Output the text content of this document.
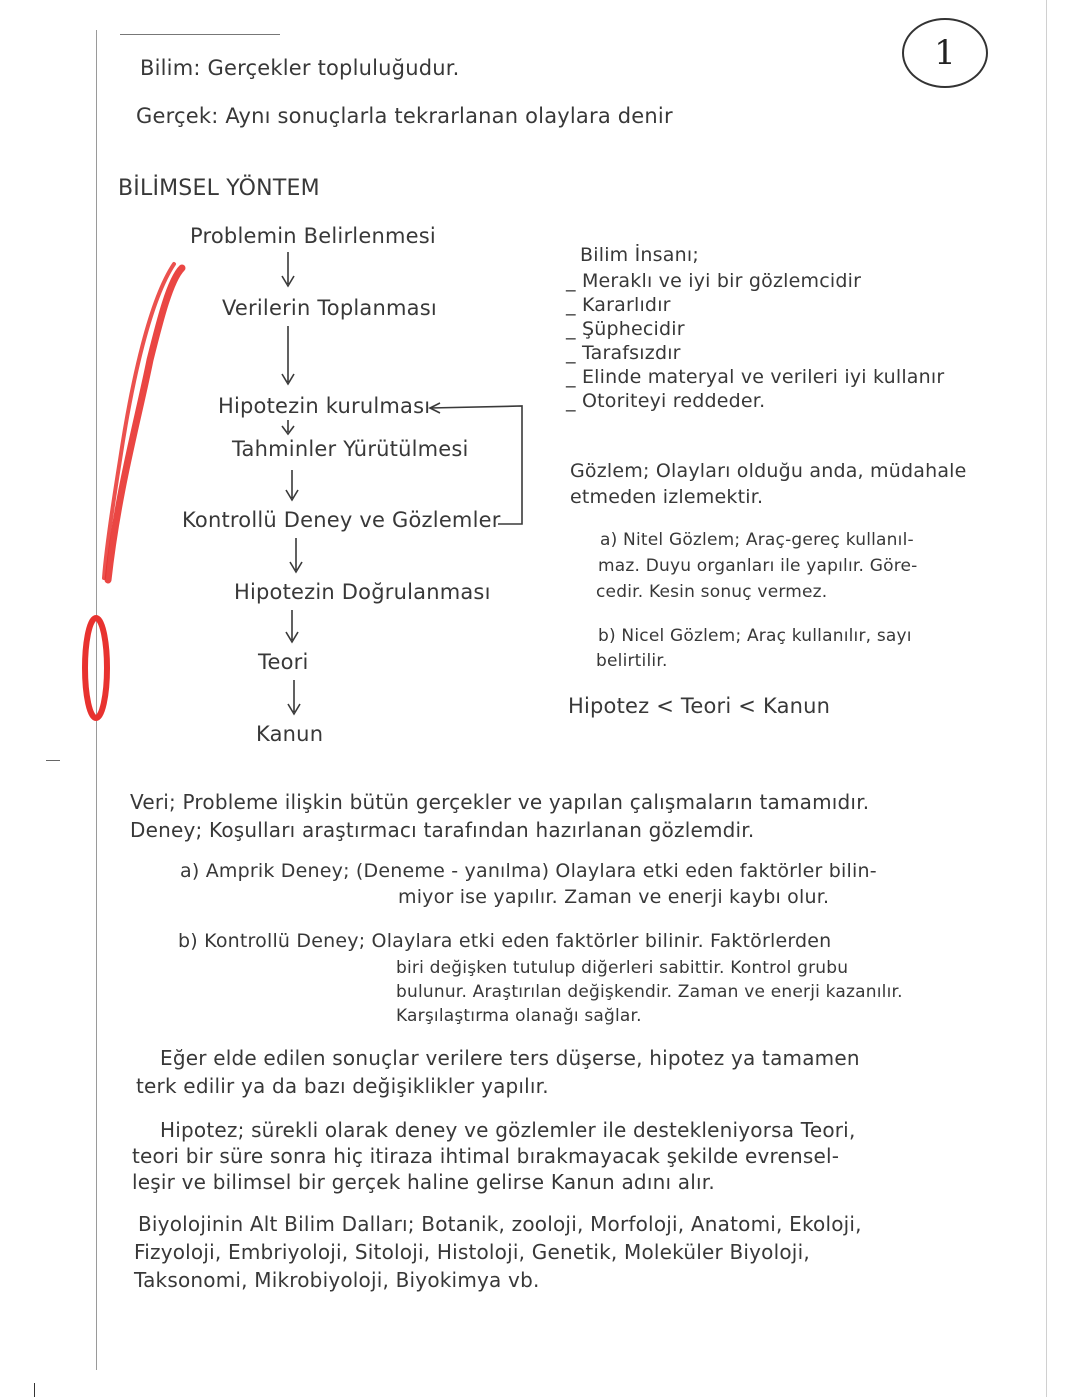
1
Bilim: Gerçekler topluluğudur.
Gerçek: Aynı sonuçlarla tekrarlanan olaylara denir
BİLİMSEL YÖNTEM
Problemin Belirlenmesi
Verilerin Toplanması
Hipotezin kurulması
Tahminler Yürütülmesi
Kontrollü Deney ve Gözlemler
Hipotezin Doğrulanması
Teori
Kanun
Bilim İnsanı;
_ Meraklı ve iyi bir gözlemcidir
_ Kararlıdır
_ Şüphecidir
_ Tarafsızdır
_ Elinde materyal ve verileri iyi kullanır
_ Otoriteyi reddeder.
Gözlem; Olayları olduğu anda, müdahale
etmeden izlemektir.
a) Nitel Gözlem; Araç-gereç kullanıl-
maz. Duyu organları ile yapılır. Göre-
cedir. Kesin sonuç vermez.
b) Nicel Gözlem; Araç kullanılır, sayı
belirtilir.
Hipotez < Teori < Kanun
Veri; Probleme ilişkin bütün gerçekler ve yapılan çalışmaların tamamıdır.
Deney; Koşulları araştırmacı tarafından hazırlanan gözlemdir.
a) Amprik Deney; (Deneme - yanılma) Olaylara etki eden faktörler bilin-
miyor ise yapılır. Zaman ve enerji kaybı olur.
b) Kontrollü Deney; Olaylara etki eden faktörler bilinir. Faktörlerden
biri değişken tutulup diğerleri sabittir. Kontrol grubu
bulunur. Araştırılan değişkendir. Zaman ve enerji kazanılır.
Karşılaştırma olanağı sağlar.
Eğer elde edilen sonuçlar verilere ters düşerse, hipotez ya tamamen
terk edilir ya da bazı değişiklikler yapılır.
Hipotez; sürekli olarak deney ve gözlemler ile destekleniyorsa Teori,
teori bir süre sonra hiç itiraza ihtimal bırakmayacak şekilde evrensel-
leşir ve bilimsel bir gerçek haline gelirse Kanun adını alır.
Biyolojinin Alt Bilim Dalları; Botanik, zooloji, Morfoloji, Anatomi, Ekoloji,
Fizyoloji, Embriyoloji, Sitoloji, Histoloji, Genetik, Moleküler Biyoloji,
Taksonomi, Mikrobiyoloji, Biyokimya vb.
